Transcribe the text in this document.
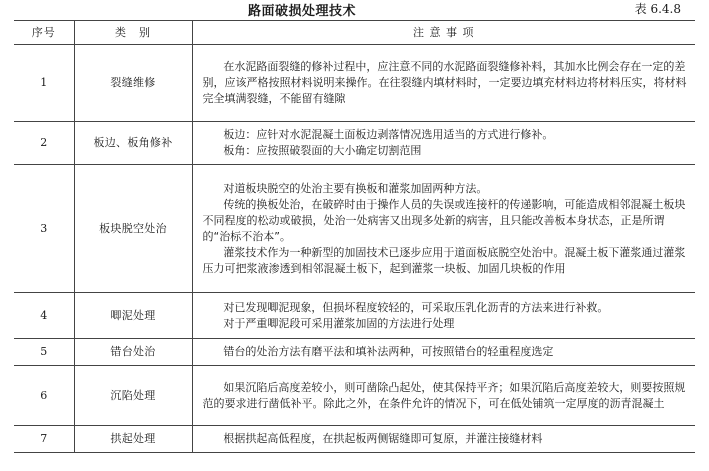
路面破损处理技术	表 6.4.8
序号	类　别	注 意 事 项
1	裂缝维修	在水泥路面裂缝的修补过程中，应注意不同的水泥路面裂缝修补料，其加水比例会存在一定的差别，应该严格按照材料说明来操作。在往裂缝内填材料时，一定要边填充材料边将材料压实，将材料完全填满裂缝，不能留有缝隙

2	板边、板角修补	板边：应针对水泥混凝土面板边剥落情况选用适当的方式进行修补。

板角：应按照破裂面的大小确定切割范围

3	板块脱空处治	对道板块脱空的处治主要有换板和灌浆加固两种方法。

传统的换板处治，在破碎时由于操作人员的失误或连接杆的传递影响，可能造成相邻混凝土板块不同程度的松动或破损，处治一处病害又出现多处新的病害，且只能改善板本身状态，正是所谓的“治标不治本”。

灌浆技术作为一种新型的加固技术已逐步应用于道面板底脱空处治中。混凝土板下灌浆通过灌浆压力可把浆液渗透到相邻混凝土板下，起到灌浆一块板、加固几块板的作用

4	唧泥处理	对已发现唧泥现象，但损坏程度较轻的，可采取压乳化沥青的方法来进行补救。

对于严重唧泥段可采用灌浆加固的方法进行处理

5	错台处治	错台的处治方法有磨平法和填补法两种，可按照错台的轻重程度选定

6	沉陷处理	如果沉陷后高度差较小，则可凿除凸起处，使其保持平齐；如果沉陷后高度差较大，则要按照规范的要求进行凿低补平。除此之外，在条件允许的情况下，可在低处铺筑一定厚度的沥青混凝土

7	拱起处理	根据拱起高低程度，在拱起板两侧锯缝即可复原，并灌注接缝材料
